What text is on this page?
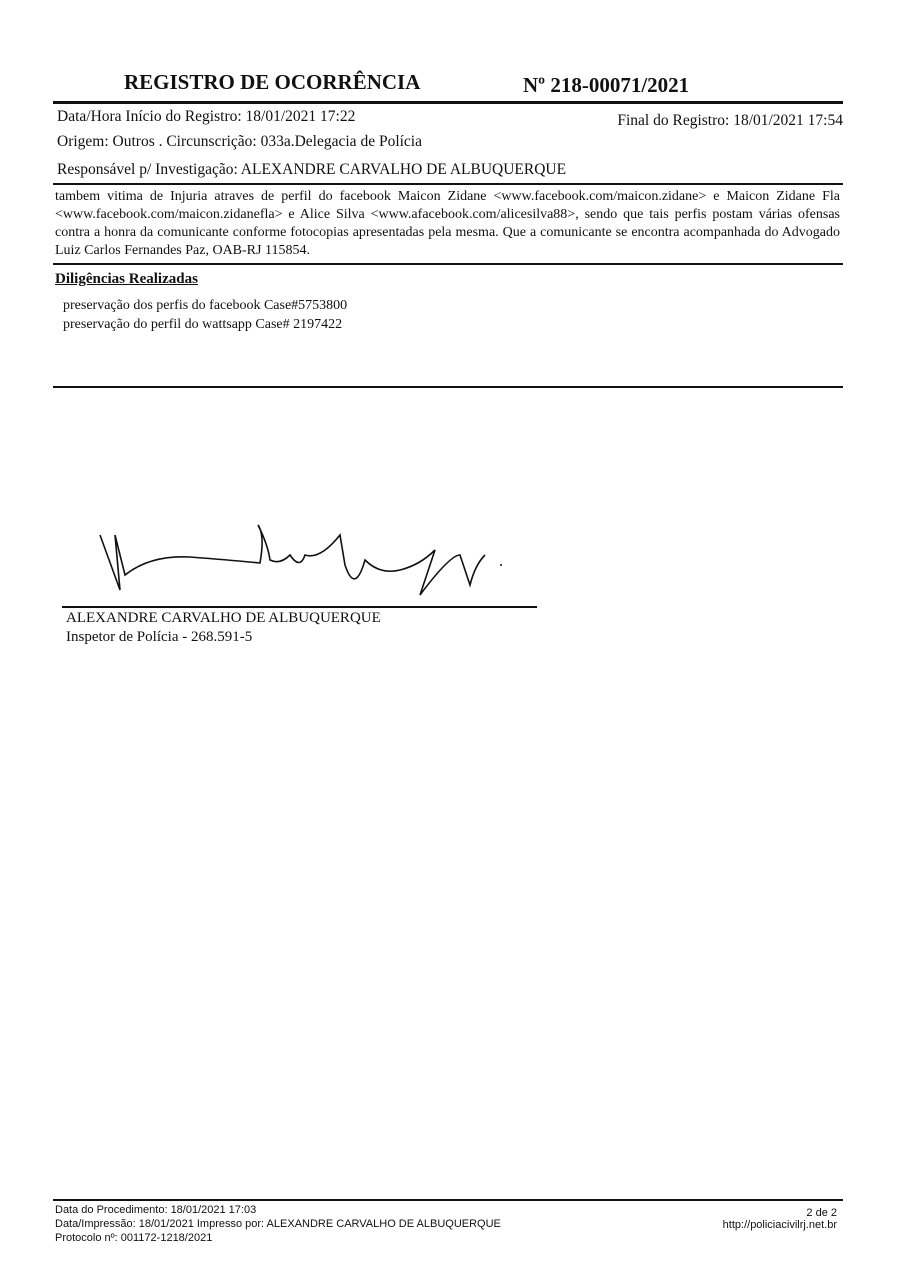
REGISTRO DE OCORRÊNCIA	Nº 218-00071/2021
Data/Hora Início do Registro: 18/01/2021 17:22	Final do Registro: 18/01/2021 17:54
Origem: Outros . Circunscrição: 033a.Delegacia de Polícia
Responsável p/ Investigação: ALEXANDRE CARVALHO DE ALBUQUERQUE
tambem vitima de Injuria atraves de perfil do facebook Maicon Zidane <www.facebook.com/maicon.zidane> e Maicon Zidane Fla <www.facebook.com/maicon.zidanefla> e Alice Silva <www.afacebook.com/alicesilva88>, sendo que tais perfis postam várias ofensas contra a honra da comunicante conforme fotocopias apresentadas pela mesma. Que a comunicante se encontra acompanhada do Advogado Luiz Carlos Fernandes Paz, OAB-RJ 115854.
Diligências Realizadas
preservação dos perfis do facebook Case#5753800
preservação do perfil do wattsapp Case# 2197422
ALEXANDRE CARVALHO DE ALBUQUERQUE
Inspetor de Polícia - 268.591-5
Data do Procedimento: 18/01/2021 17:03
Data/Impressão: 18/01/2021 Impresso por: ALEXANDRE CARVALHO DE ALBUQUERQUE
Protocolo nº: 001172-1218/2021
2 de 2
http://policiacivilrj.net.br
